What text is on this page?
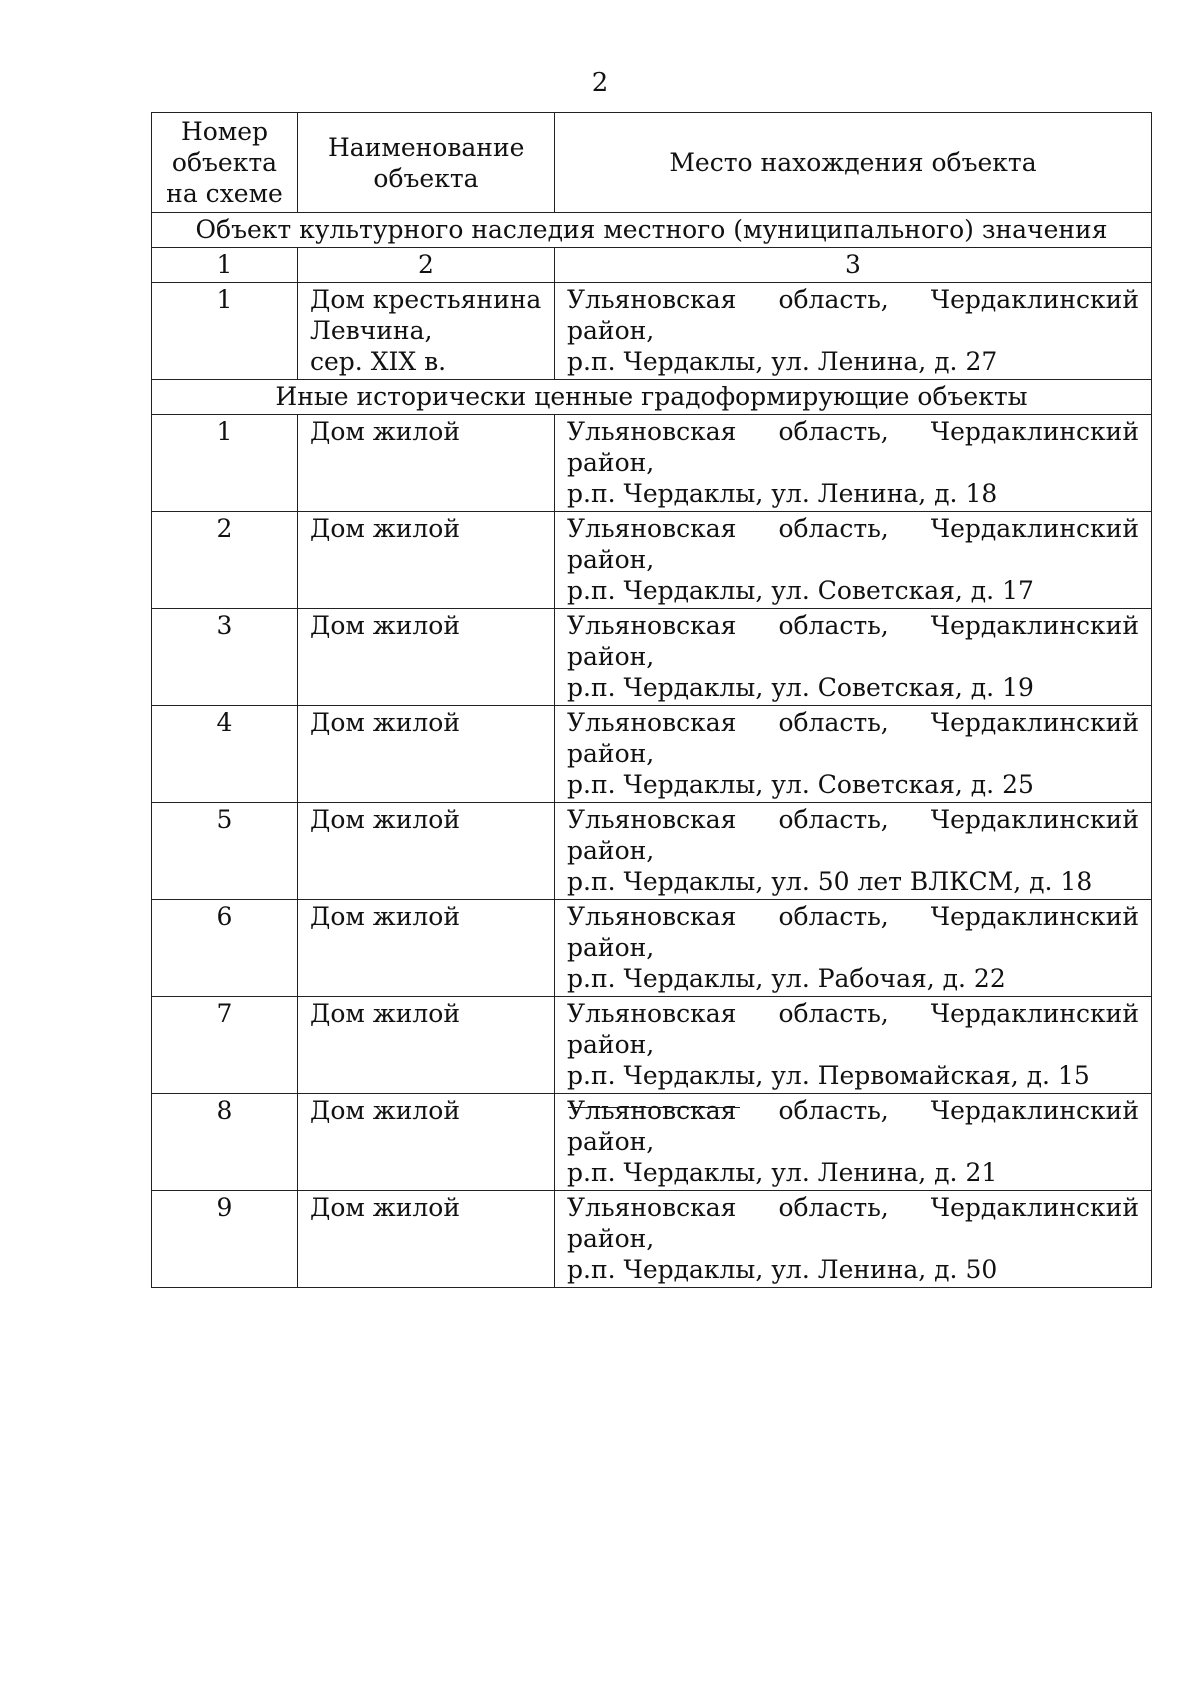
2
Номер объекта на схеме	Наименование объекта	Место нахождения объекта
Объект культурного наследия местного (муниципального) значения		
1	2	3
1	Дом крестьянина
Левчина,
сер. XIX в.	Ульяновская область, Чердаклинский район,
р.п. Чердаклы, ул. Ленина, д. 27

Иные исторически ценные градоформирующие объекты		
1	Дом жилой	Ульяновская область, Чердаклинский район,
р.п. Чердаклы, ул. Ленина, д. 18

2	Дом жилой	Ульяновская область, Чердаклинский район,
р.п. Чердаклы, ул. Советская, д. 17

3	Дом жилой	Ульяновская область, Чердаклинский район,
р.п. Чердаклы, ул. Советская, д. 19

4	Дом жилой	Ульяновская область, Чердаклинский район,
р.п. Чердаклы, ул. Советская, д. 25

5	Дом жилой	Ульяновская область, Чердаклинский район,
р.п. Чердаклы, ул. 50 лет ВЛКСМ, д. 18

6	Дом жилой	Ульяновская область, Чердаклинский район,
р.п. Чердаклы, ул. Рабочая, д. 22

7	Дом жилой	Ульяновская область, Чердаклинский район,
р.п. Чердаклы, ул. Первомайская, д. 15

8	Дом жилой	Ульяновская область, Чердаклинский район,
р.п. Чердаклы, ул. Ленина, д. 21

9	Дом жилой	Ульяновская область, Чердаклинский район,
р.п. Чердаклы, ул. Ленина, д. 50
